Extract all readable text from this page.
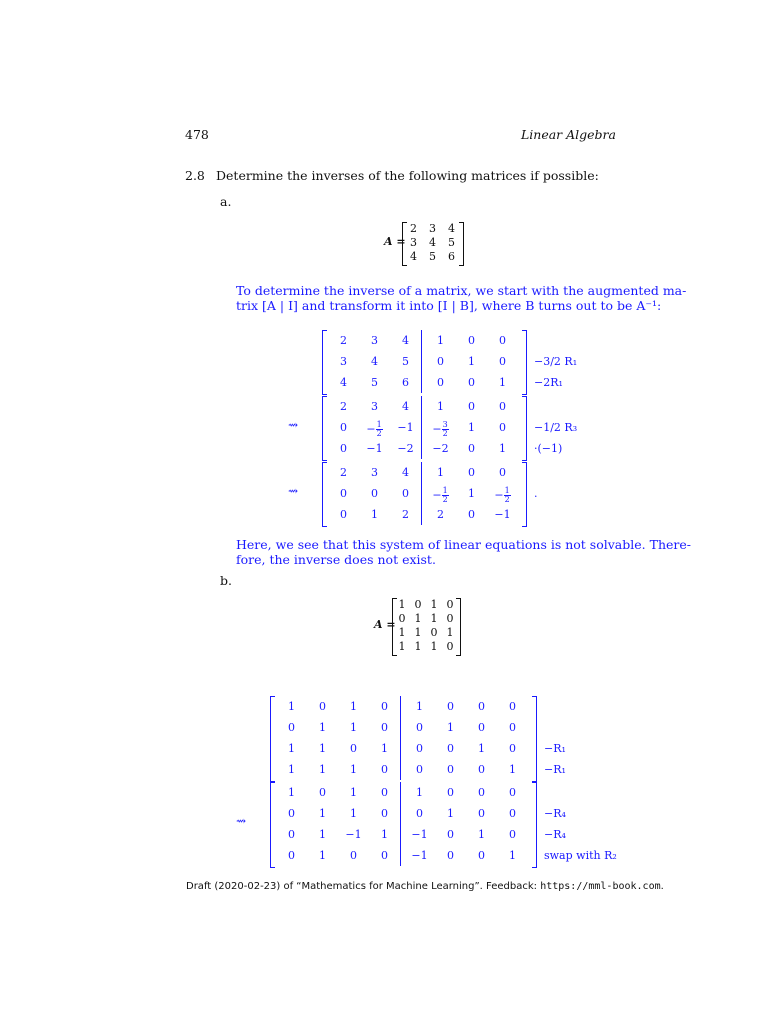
478	Linear Algebra
2.8 Determine the inverses of the following matrices if possible:
a.
A =
2	3	4
3	4	5
4	5	6
To determine the inverse of a matrix, we start with the augmented ma-
trix [A | I] and transform it into [I | B], where B turns out to be A⁻¹:
2	3	4	1	0	0
3	4	5	0	1	0
4	5	6	0	0	1
−3/2 R₁
−2R₁
⇝
2	3	4	1	0	0
0	− $\frac{1}{2}$	−1	− $\frac{3}{2}$	1	0
0	−1	−2	−2	0	1
−1/2 R₃
·(−1)
⇝
2	3	4	1	0	0
0	0	0	− $\frac{1}{2}$	1	− $\frac{1}{2}$
0	1	2	2	0	−1
.
Here, we see that this system of linear equations is not solvable. There-
fore, the inverse does not exist.
b.
A =
1 0 1 0
0 1 1 0
1 1 0 1
1 1 1 0
1	0	1	0	1	0	0	0
0	1	1	0	0	1	0	0
1	1	0	1	0	0	1	0
1	1	1	0	0	0	0	1
−R₁
−R₁
⇝
1	0	1	0	1	0	0	0
0	1	1	0	0	1	0	0
0	1	−1	1	−1	0	1	0
0	1	0	0	−1	0	0	1
−R₄
−R₄
swap with R₂
Draft (2020-02-23) of “Mathematics for Machine Learning”. Feedback: https://mml-book.com.
